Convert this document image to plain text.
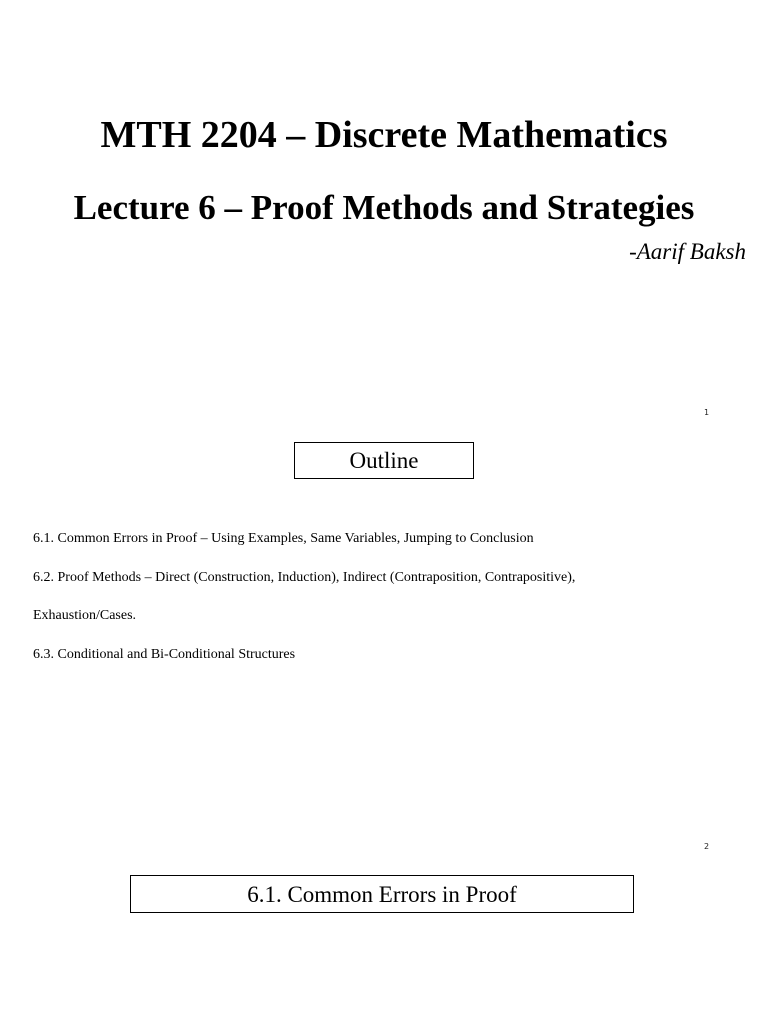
MTH 2204 – Discrete Mathematics
Lecture 6 – Proof Methods and Strategies
-Aarif Baksh
1
Outline
6.1. Common Errors in Proof – Using Examples, Same Variables, Jumping to Conclusion
6.2. Proof Methods – Direct (Construction, Induction), Indirect (Contraposition, Contrapositive),
Exhaustion/Cases.
6.3. Conditional and Bi-Conditional Structures
2
6.1. Common Errors in Proof
